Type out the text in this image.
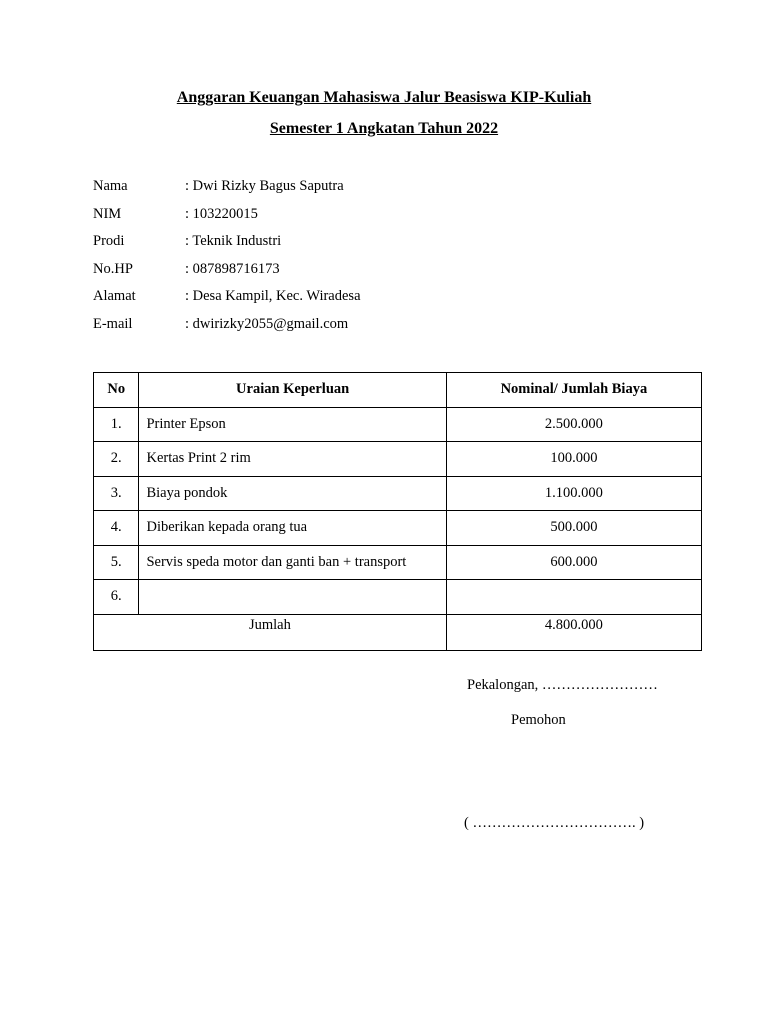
Anggaran Keuangan Mahasiswa Jalur Beasiswa KIP-Kuliah
Semester 1 Angkatan Tahun 2022
Nama	: Dwi Rizky Bagus Saputra
NIM	: 103220015
Prodi	: Teknik Industri
No.HP	: 087898716173
Alamat	: Desa Kampil, Kec. Wiradesa
E-mail	: dwirizky2055@gmail.com
No	Uraian Keperluan	Nominal/ Jumlah Biaya
1.	Printer Epson	2.500.000
2.	Kertas Print 2 rim	100.000
3.	Biaya pondok	1.100.000
4.	Diberikan kepada orang tua	500.000
5.	Servis speda motor dan ganti ban + transport	600.000
6.		
Jumlah		4.800.000
Pekalongan, ……………………
Pemohon
( ……………………………. )
